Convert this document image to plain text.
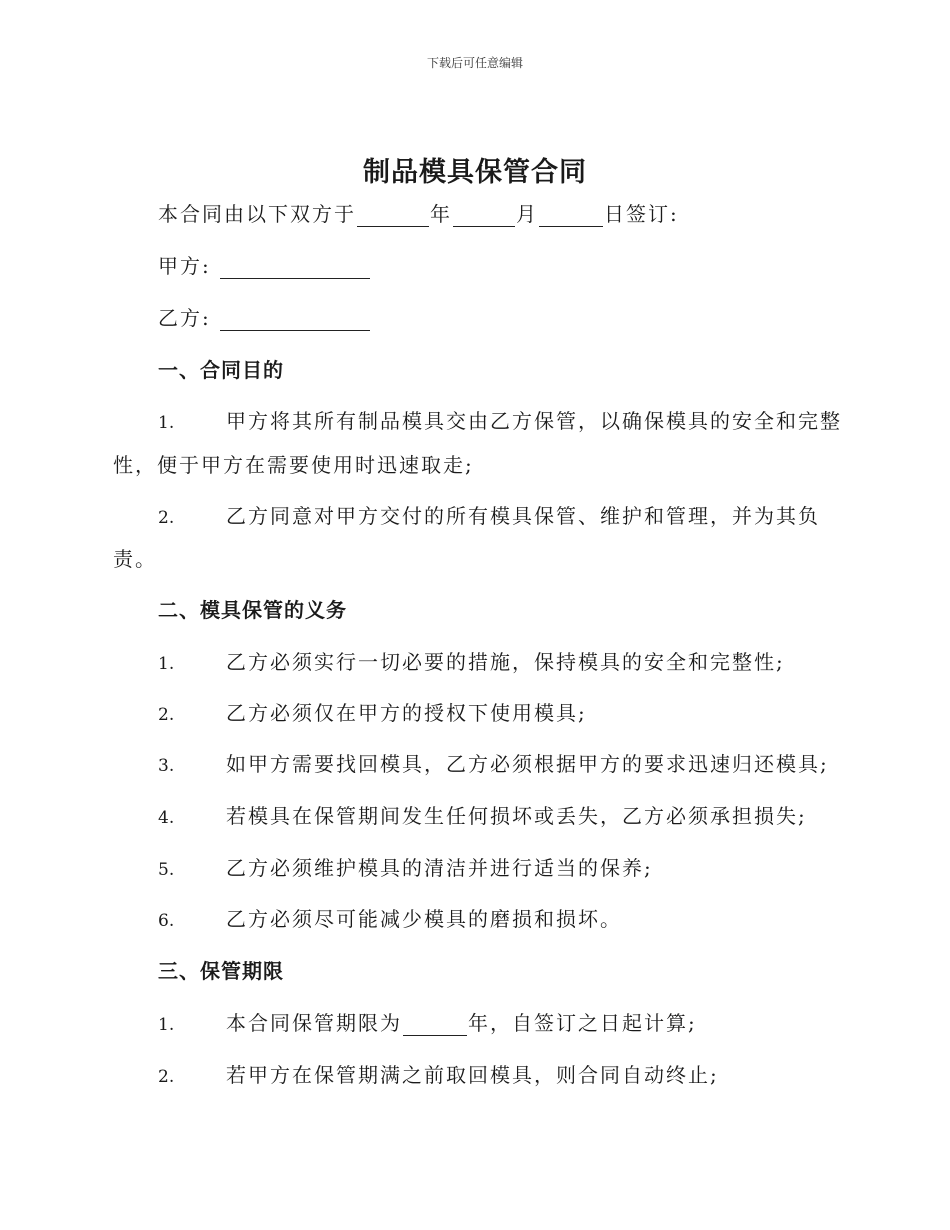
下载后可任意编辑
制品模具保管合同
本合同由以下双方于	年	月	日签订:
甲方:
乙方:
一、合同目的
1.	甲方将其所有制品模具交由乙方保管，以确保模具的安全和完整
性，便于甲方在需要使用时迅速取走;
2.	乙方同意对甲方交付的所有模具保管、维护和管理，并为其负
责。
二、模具保管的义务
1.	乙方必须实行一切必要的措施，保持模具的安全和完整性;
2.	乙方必须仅在甲方的授权下使用模具;
3.	如甲方需要找回模具，乙方必须根据甲方的要求迅速归还模具;
4.	若模具在保管期间发生任何损坏或丢失，乙方必须承担损失;
5.	乙方必须维护模具的清洁并进行适当的保养;
6.	乙方必须尽可能减少模具的磨损和损坏。
三、保管期限
1.	本合同保管期限为	年，自签订之日起计算;
2.	若甲方在保管期满之前取回模具，则合同自动终止;
